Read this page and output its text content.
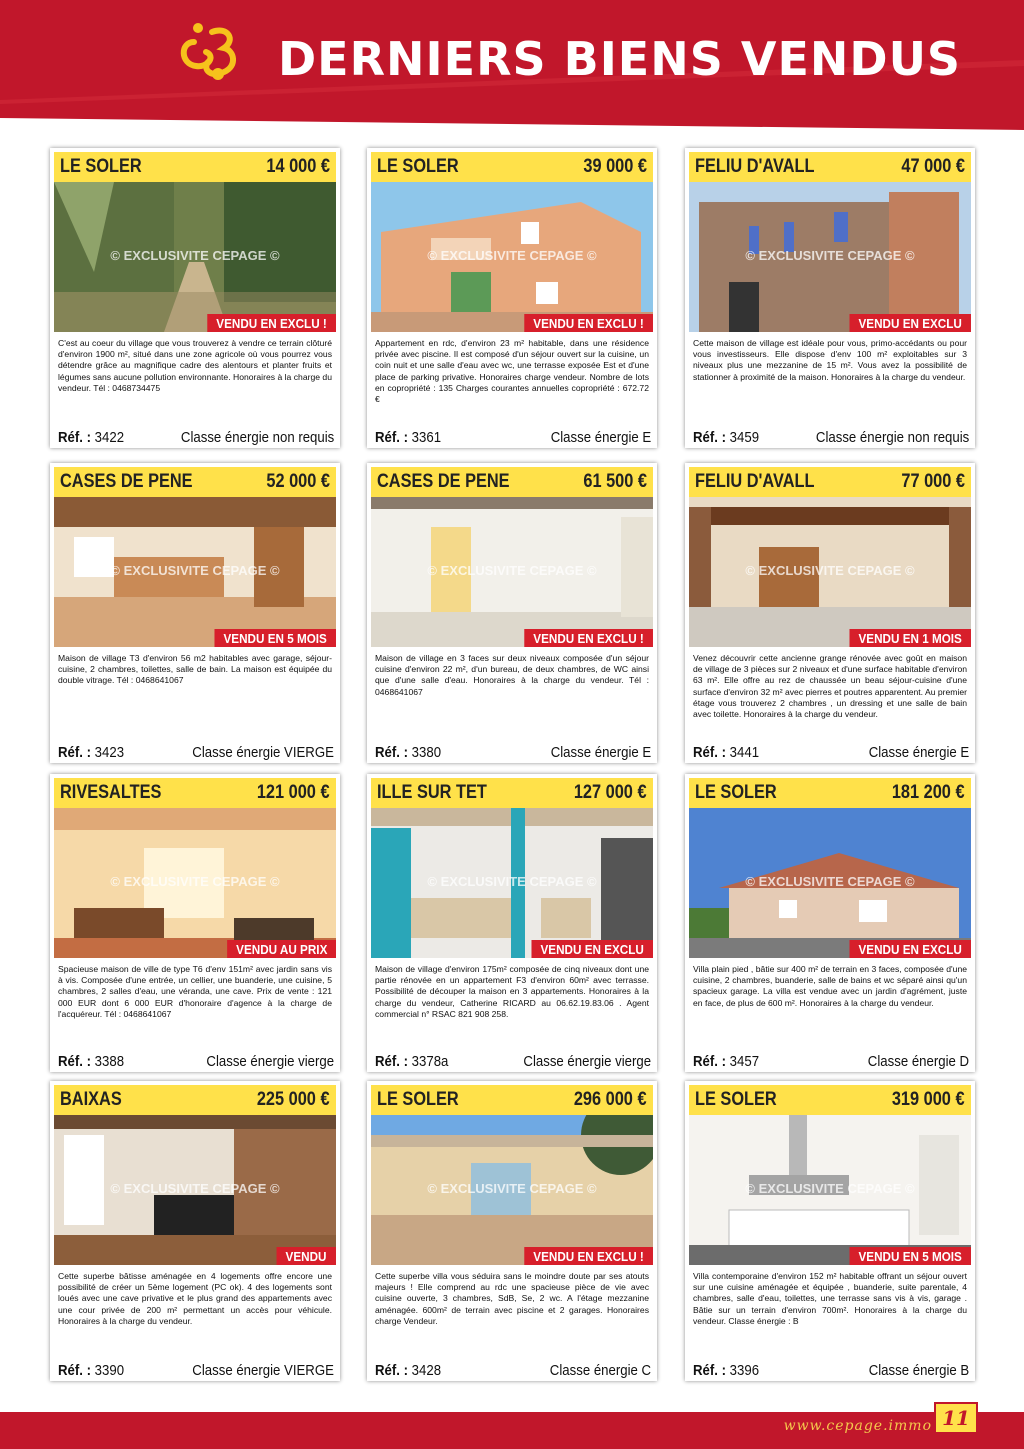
DERNIERS BIENS VENDUS
LE SOLER	14 000 €
© EXCLUSIVITE CEPAGE ©
VENDU EN EXCLU !
C'est au coeur du village que vous trouverez à vendre ce terrain clôturé d'environ 1900 m², situé dans une zone agricole où vous pourrez vous détendre grâce au magnifique cadre des alentours et planter fruits et légumes sans aucune pollution environnante. Honoraires à la charge du vendeur. Tél : 0468734475
Réf. : 3422	Classe énergie non requis
LE SOLER	39 000 €
© EXCLUSIVITE CEPAGE ©
VENDU EN EXCLU !
Appartement en rdc, d'environ 23 m² habitable, dans une résidence privée avec piscine. Il est composé d'un séjour ouvert sur la cuisine, un coin nuit et une salle d'eau avec wc, une terrasse exposée Est et d'une place de parking privative. Honoraires charge vendeur. Nombre de lots en copropriété : 135 Charges courantes annuelles copropriété : 672.72 €
Réf. : 3361	Classe énergie E
FELIU D'AVALL	47 000 €
© EXCLUSIVITE CEPAGE ©
VENDU EN EXCLU
Cette maison de village est idéale pour vous, primo-accédants ou pour vous investisseurs. Elle dispose d'env 100 m² exploitables sur 3 niveaux plus une mezzanine de 15 m². Vous avez la possibilité de stationner à proximité de la maison. Honoraires à la charge du vendeur.
Réf. : 3459	Classe énergie non requis
CASES DE PENE	52 000 €
© EXCLUSIVITE CEPAGE ©
VENDU EN 5 MOIS
Maison de village T3 d'environ 56 m2 habitables avec garage, séjour-cuisine, 2 chambres, toilettes, salle de bain. La maison est équipée du double vitrage. Tél : 0468641067
Réf. : 3423	Classe énergie VIERGE
CASES DE PENE	61 500 €
© EXCLUSIVITE CEPAGE ©
VENDU EN EXCLU !
Maison de village en 3 faces sur deux niveaux composée d'un séjour cuisine d'environ 22 m², d'un bureau, de deux chambres, de WC ainsi que d'une salle d'eau. Honoraires à la charge du vendeur. Tél : 0468641067
Réf. : 3380	Classe énergie E
FELIU D'AVALL	77 000 €
© EXCLUSIVITE CEPAGE ©
VENDU EN 1 MOIS
Venez découvrir cette ancienne grange rénovée avec goût en maison de village de 3 pièces sur 2 niveaux et d'une surface habitable d'environ 63 m². Elle offre au rez de chaussée un beau séjour-cuisine d'une surface d'environ 32 m² avec pierres et poutres apparentent. Au premier étage vous trouverez 2 chambres , un dressing et une salle de bain avec toilette. Honoraires à la charge du vendeur.
Réf. : 3441	Classe énergie E
RIVESALTES	121 000 €
© EXCLUSIVITE CEPAGE ©
VENDU AU PRIX
Spacieuse maison de ville de type T6 d'env 151m² avec jardin sans vis à vis. Composée d'une entrée, un cellier, une buanderie, une cuisine, 5 chambres, 2 salles d'eau, une véranda, une cave. Prix de vente : 121 000 EUR dont 6 000 EUR d'honoraire d'agence à la charge de l'acquéreur. Tél : 0468641067
Réf. : 3388	Classe énergie vierge
ILLE SUR TET	127 000 €
© EXCLUSIVITE CEPAGE ©
VENDU EN EXCLU
Maison de village d'environ 175m² composée de cinq niveaux dont une partie rénovée en un appartement F3 d'environ 60m² avec terrasse. Possibilité de découper la maison en 3 appartements. Honoraires à la charge du vendeur, Catherine RICARD au 06.62.19.83.06 . Agent commercial n° RSAC 821 908 258.
Réf. : 3378a	Classe énergie vierge
LE SOLER	181 200 €
© EXCLUSIVITE CEPAGE ©
VENDU EN EXCLU
Villa plain pied , bâtie sur 400 m² de terrain en 3 faces, composée d'une cuisine, 2 chambres, buanderie, salle de bains et wc séparé ainsi qu'un spacieux garage. La villa est vendue avec un jardin d'agrément, juste en face, de plus de 600 m². Honoraires à la charge du vendeur.
Réf. : 3457	Classe énergie D
BAIXAS	225 000 €
© EXCLUSIVITE CEPAGE ©
VENDU
Cette superbe bâtisse aménagée en 4 logements offre encore une possibilité de créer un 5ème logement (PC ok). 4 des logements sont loués avec une cave privative et le plus grand des appartements avec une cour privée de 200 m² permettant un accès pour véhicule. Honoraires à la charge du vendeur.
Réf. : 3390	Classe énergie VIERGE
LE SOLER	296 000 €
© EXCLUSIVITE CEPAGE ©
VENDU EN EXCLU !
Cette superbe villa vous séduira sans le moindre doute par ses atouts majeurs ! Elle comprend au rdc une spacieuse pièce de vie avec cuisine ouverte, 3 chambres, SdB, Se, 2 wc. A l'étage mezzanine aménagée. 600m² de terrain avec piscine et 2 garages. Honoraires charge Vendeur.
Réf. : 3428	Classe énergie C
LE SOLER	319 000 €
© EXCLUSIVITE CEPAGE ©
VENDU EN 5 MOIS
Villa contemporaine d'environ 152 m² habitable offrant un séjour ouvert sur une cuisine aménagée et équipée , buanderie, suite parentale, 4 chambres, salle d'eau, toilettes, une terrasse sans vis à vis, garage . Bâtie sur un terrain d'environ 700m². Honoraires à la charge du vendeur. Classe énergie : B
Réf. : 3396	Classe énergie B
www.cepage.immo 11
